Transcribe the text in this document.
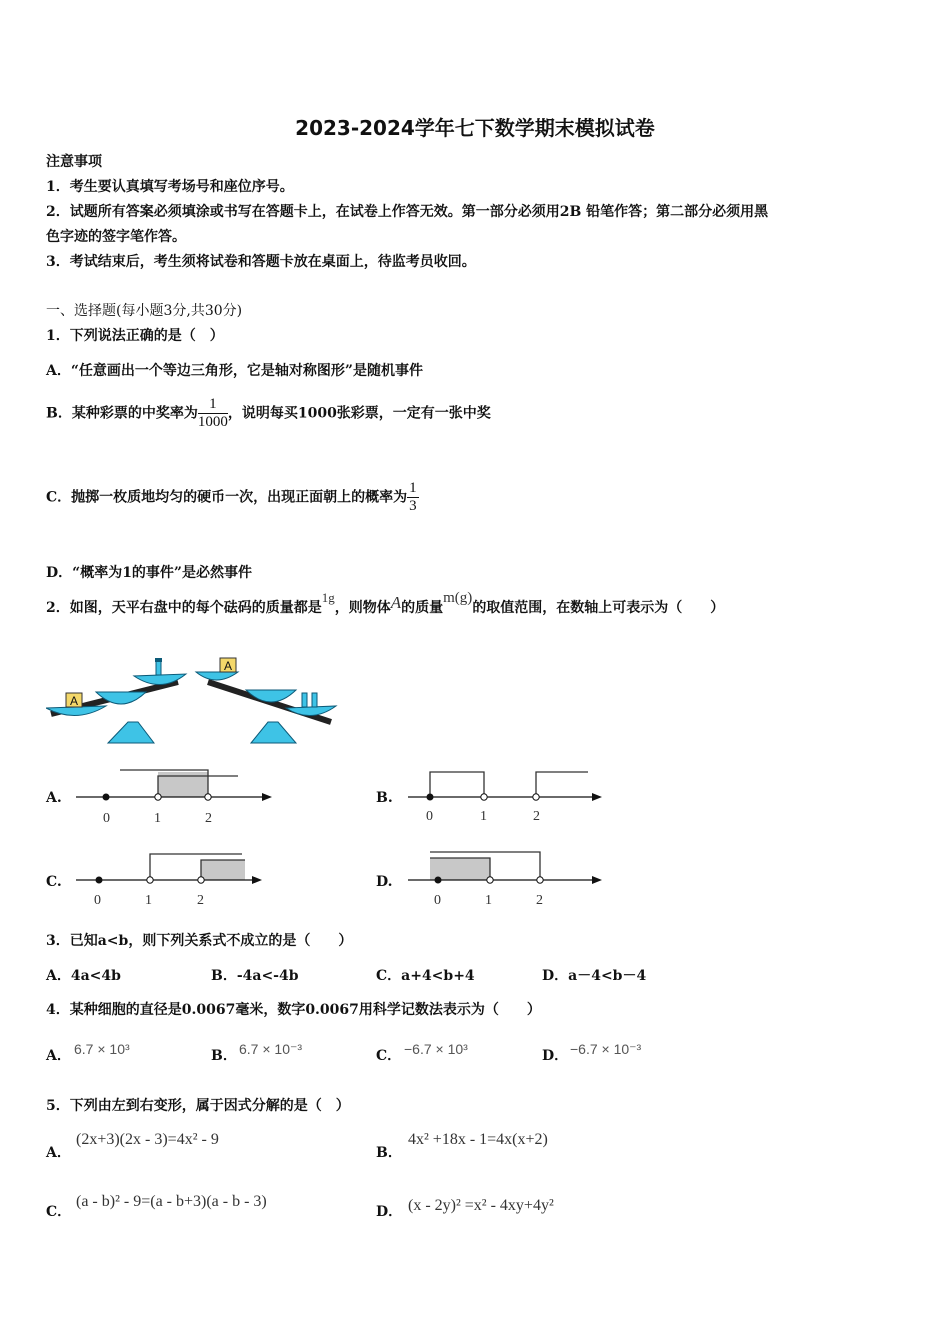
2023-2024学年七下数学期末模拟试卷
注意事项
1．考生要认真填写考场号和座位序号。
2．试题所有答案必须填涂或书写在答题卡上，在试卷上作答无效。第一部分必须用2B 铅笔作答；第二部分必须用黑
色字迹的签字笔作答。
3．考试结束后，考生须将试卷和答题卡放在桌面上，待监考员收回。
一、选择题(每小题3分,共30分)
1．下列说法正确的是（　）
A．“任意画出一个等边三角形，它是轴对称图形”是随机事件
B．某种彩票的中奖率为 $\frac{1}{1000}$ ，说明每买1000张彩票，一定有一张中奖
C．抛掷一枚质地均匀的硬币一次，出现正面朝上的概率为 $\frac{1}{3}$
D．“概率为1的事件”是必然事件
2．如图，天平右盘中的每个砝码的质量都是1g，则物体A的质量m(g)的取值范围，在数轴上可表示为（　　）
A
A
A.
0	1	2
B.
0	1	2
C.
0	1	2
D.
0	1	2
3．已知a<b，则下列关系式不成立的是（　　）
A．4a<4b	B．-4a<-4b	C．a+4<b+4	D．a－4<b－4
4．某种细胞的直径是0.0067毫米，数字0.0067用科学记数法表示为（　　）
A． 6.7 × 10³	B． 6.7 × 10⁻³	C． −6.7 × 10³	D． −6.7 × 10⁻³
5．下列由左到右变形，属于因式分解的是（　）
A．
(2x+3)(2x - 3)=4x² - 9
B．
4x² +18x - 1=4x(x+2)
C．
(a - b)² - 9=(a - b+3)(a - b - 3)
D． (x - 2y)² =x² - 4xy+4y²
